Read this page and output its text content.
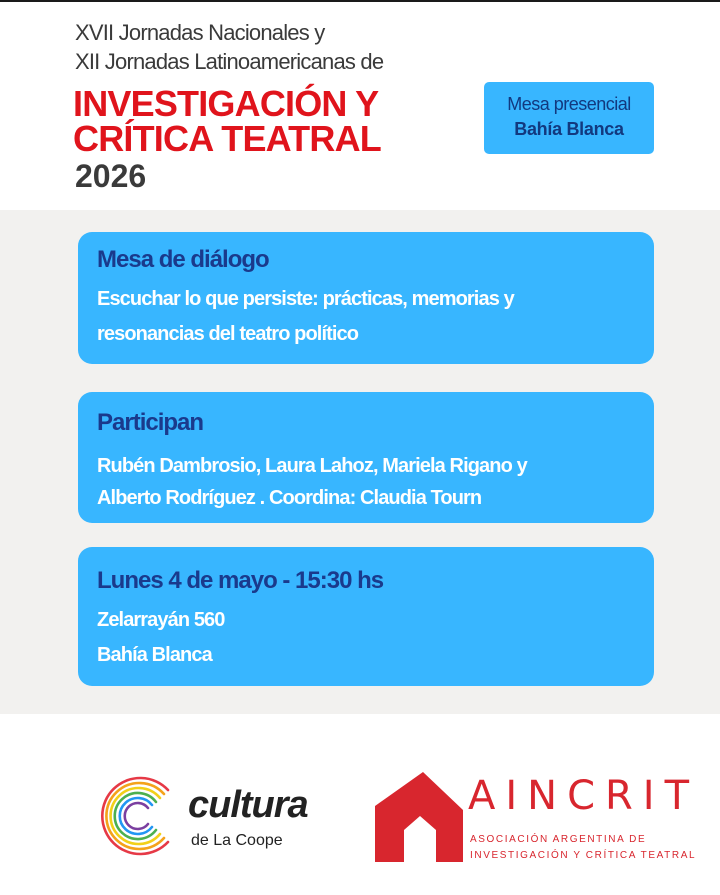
XVII Jornadas Nacionales y
XII Jornadas Latinoamericanas de
INVESTIGACIÓN Y
CRÍTICA TEATRAL
2026
Mesa presencial
Bahía Blanca
Mesa de diálogo
Escuchar lo que persiste: prácticas, memorias y
resonancias del teatro político
Participan
Rubén Dambrosio, Laura Lahoz, Mariela Rigano y
Alberto Rodríguez . Coordina: Claudia Tourn
Lunes 4 de mayo - 15:30 hs
Zelarrayán 560
Bahía Blanca
cultura
de La Coope
AINCRIT
ASOCIACIÓN ARGENTINA DE
INVESTIGACIÓN Y CRÍTICA TEATRAL
